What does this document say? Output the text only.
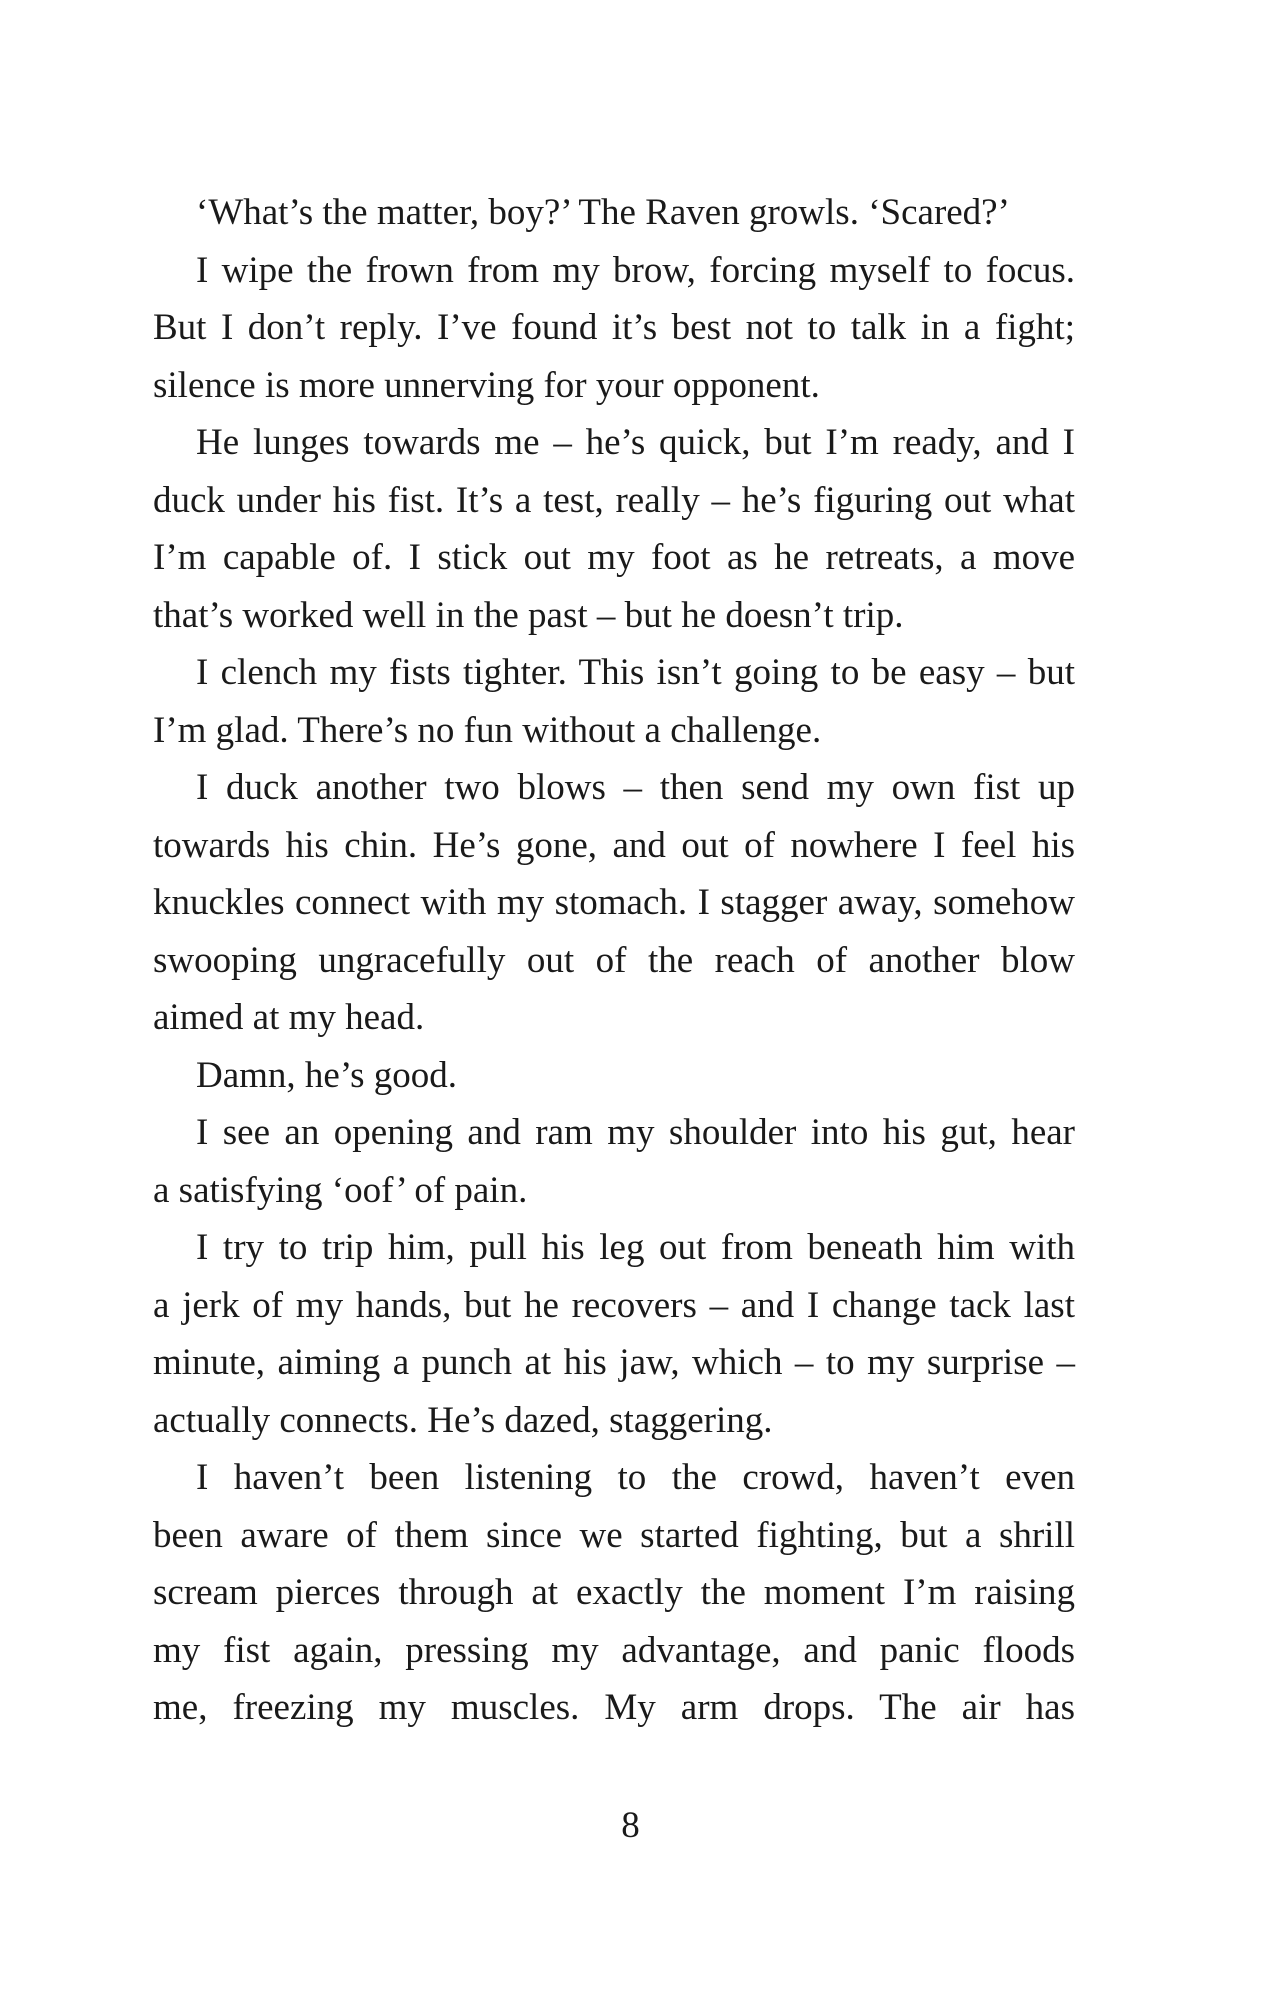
‘What’s the matter, boy?’ The Raven growls. ‘Scared?’
I wipe the frown from my brow, forcing myself to focus.
But I don’t reply. I’ve found it’s best not to talk in a fight;
silence is more unnerving for your opponent.
He lunges towards me – he’s quick, but I’m ready, and I
duck under his fist. It’s a test, really – he’s figuring out what
I’m capable of. I stick out my foot as he retreats, a move
that’s worked well in the past – but he doesn’t trip.
I clench my fists tighter. This isn’t going to be easy – but
I’m glad. There’s no fun without a challenge.
I duck another two blows – then send my own fist up
towards his chin. He’s gone, and out of nowhere I feel his
knuckles connect with my stomach. I stagger away, somehow
swooping ungracefully out of the reach of another blow
aimed at my head.
Damn, he’s good.
I see an opening and ram my shoulder into his gut, hear
a satisfying ‘oof’ of pain.
I try to trip him, pull his leg out from beneath him with
a jerk of my hands, but he recovers – and I change tack last
minute, aiming a punch at his jaw, which – to my surprise –
actually connects. He’s dazed, staggering.
I haven’t been listening to the crowd, haven’t even
been aware of them since we started fighting, but a shrill
scream pierces through at exactly the moment I’m raising
my fist again, pressing my advantage, and panic floods
me, freezing my muscles. My arm drops. The air has
8
